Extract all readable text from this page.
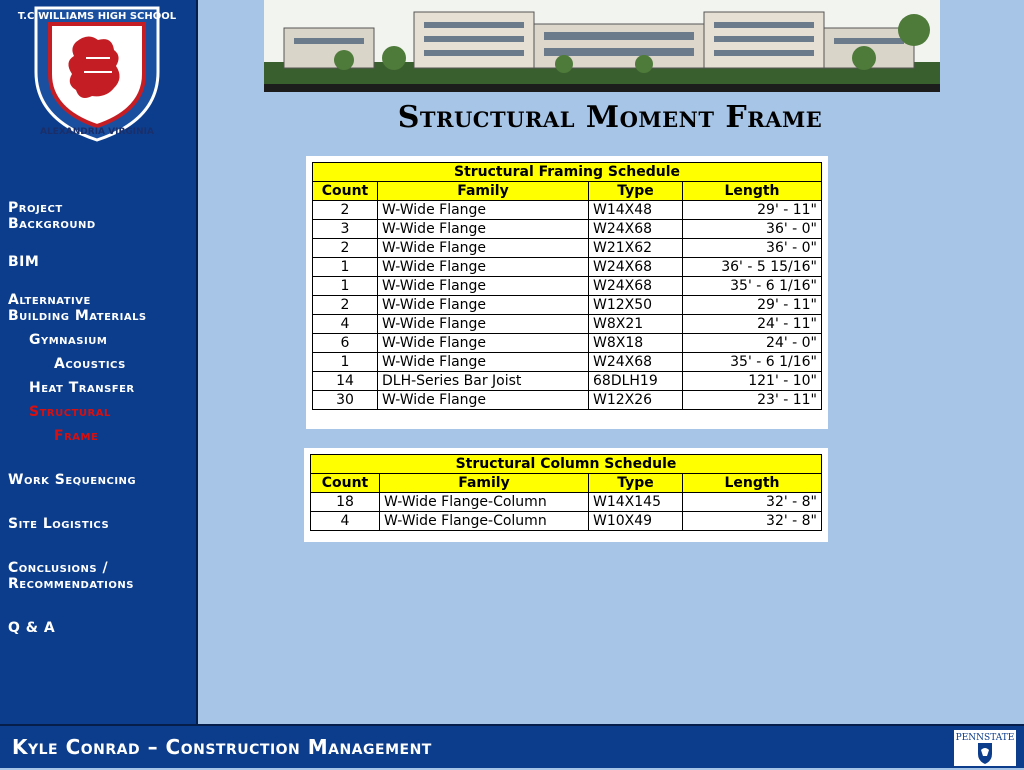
T.C.WILLIAMS HIGH SCHOOL
ALEXANDRIA VIRGINIA
Project
Background
BIM
Alternative
Building Materials
Gymnasium
Acoustics
Heat Transfer
Structural
Frame
Work Sequencing
Site Logistics
Conclusions /
Recommendations
Q & A
Structural Moment Frame
Structural Framing Schedule			
Count	Family	Type	Length
2	W-Wide Flange	W14X48	29' - 11"
3	W-Wide Flange	W24X68	36' - 0"
2	W-Wide Flange	W21X62	36' - 0"
1	W-Wide Flange	W24X68	36' - 5 15/16"
1	W-Wide Flange	W24X68	35' - 6 1/16"
2	W-Wide Flange	W12X50	29' - 11"
4	W-Wide Flange	W8X21	24' - 11"
6	W-Wide Flange	W8X18	24' - 0"
1	W-Wide Flange	W24X68	35' - 6 1/16"
14	DLH-Series Bar Joist	68DLH19	121' - 10"
30	W-Wide Flange	W12X26	23' - 11"
Structural Column Schedule			
Count	Family	Type	Length
18	W-Wide Flange-Column	W14X145	32' - 8"
4	W-Wide Flange-Column	W10X49	32' - 8"
Kyle Conrad – Construction Management	PENNSTATE
